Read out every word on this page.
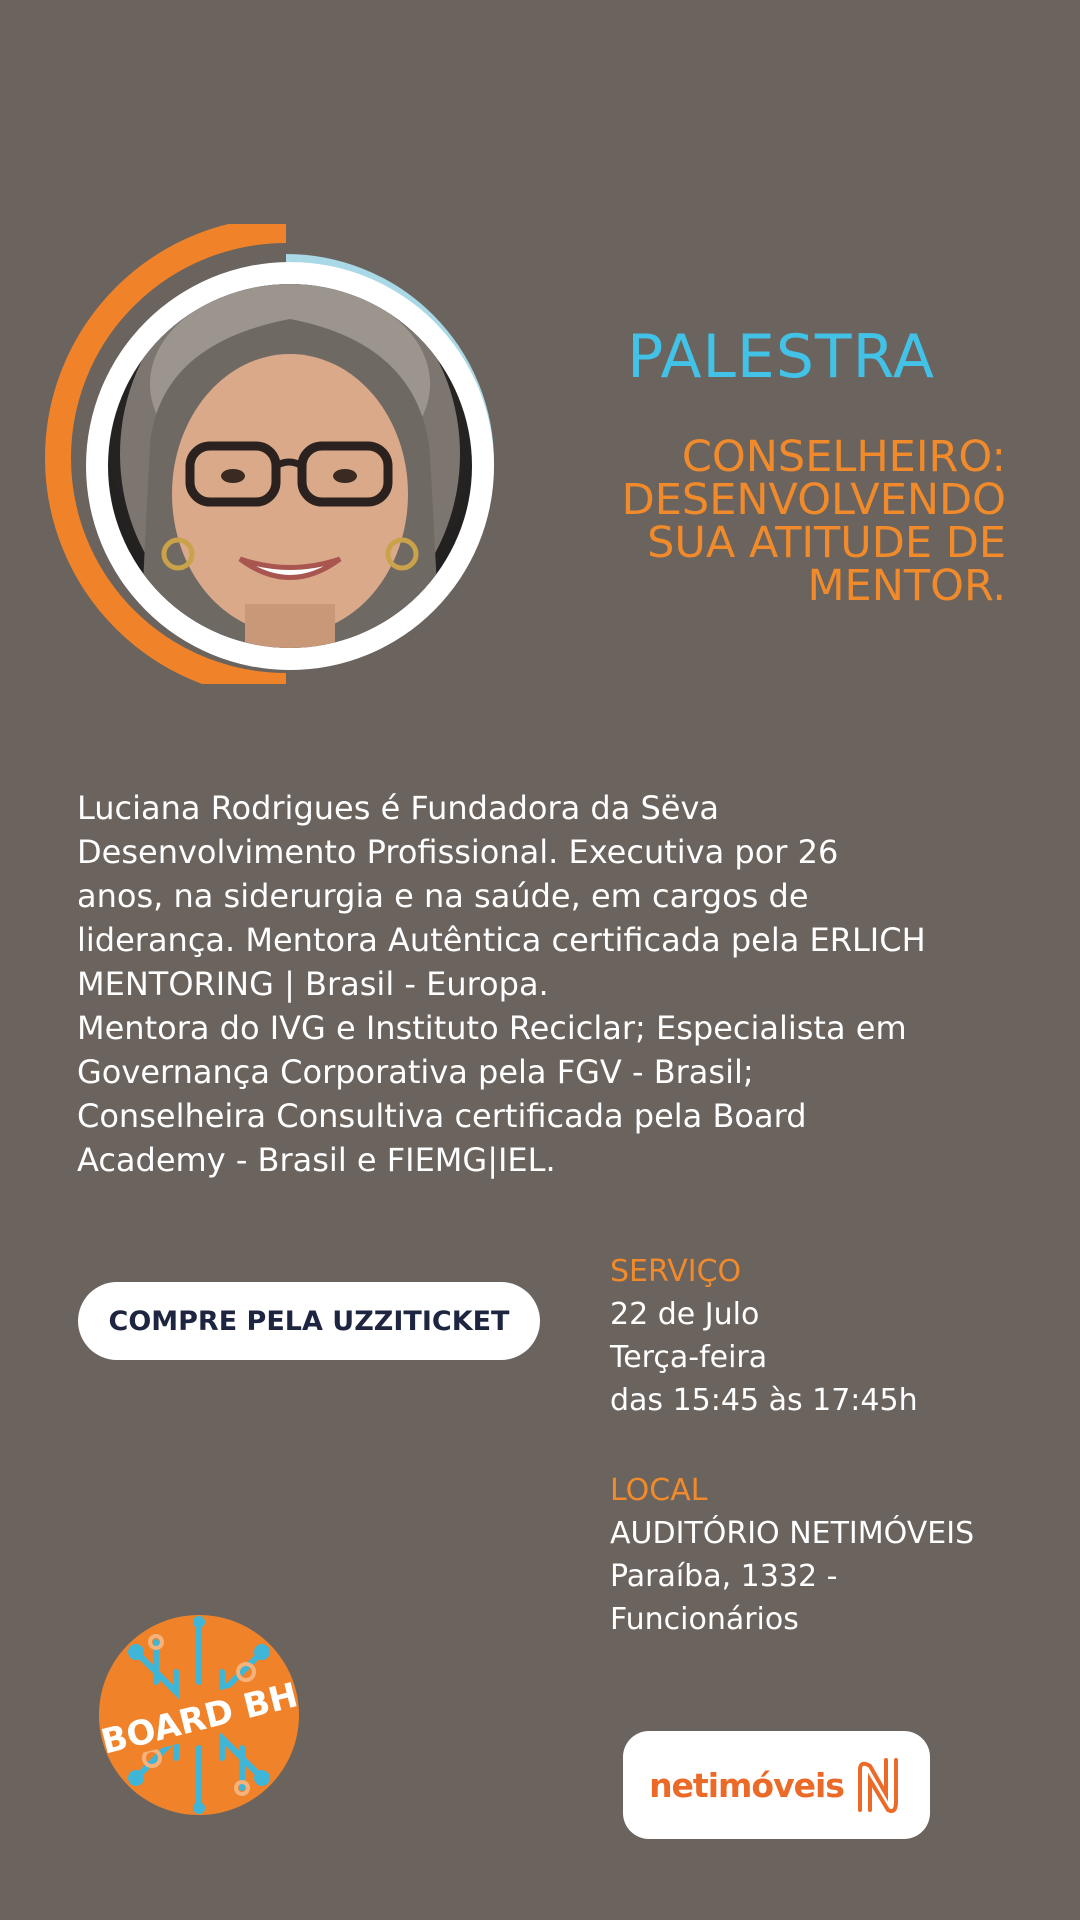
PALESTRA
CONSELHEIRO:
DESENVOLVENDO
SUA ATITUDE DE
MENTOR.
Luciana Rodrigues é Fundadora da Sëva
Desenvolvimento Profissional. Executiva por 26
anos, na siderurgia e na saúde, em cargos de
liderança. Mentora Autêntica certificada pela ERLICH
MENTORING | Brasil - Europa.
Mentora do IVG e Instituto Reciclar; Especialista em
Governança Corporativa pela FGV - Brasil;
Conselheira Consultiva certificada pela Board
Academy - Brasil e FIEMG|IEL.
COMPRE PELA UZZITICKET
SERVIÇO
22 de Julo
Terça-feira
das 15:45 às 17:45h
LOCAL
AUDITÓRIO NETIMÓVEIS
Paraíba, 1332 -
Funcionários
BOARD BH
netimóveis
